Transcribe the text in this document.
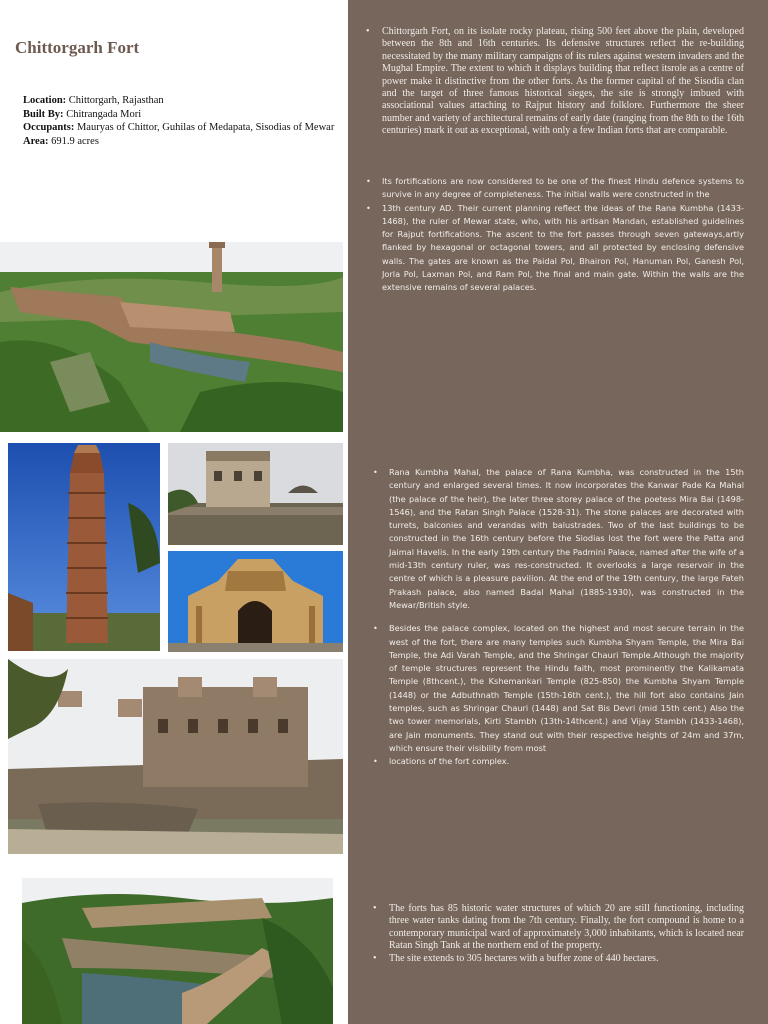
Chittorgarh Fort
Location: Chittorgarh, Rajasthan
Built By: Chitrangada Mori
Occupants: Mauryas of Chittor, Guhilas of Medapata, Sisodias of Mewar
Area: 691.9 acres
• Chittorgarh Fort, on its isolate rocky plateau, rising 500 feet above the plain, developed between the 8th and 16th centuries. Its defensive structures reflect the re-building necessitated by the many military campaigns of its rulers against western invaders and the Mughal Empire. The extent to which it displays building that reflect itsrole as a centre of power make it distinctive from the other forts. As the former capital of the Sisodia clan and the target of three famous historical sieges, the site is strongly imbued with associational values attaching to Rajput history and folklore. Furthermore the sheer number and variety of architectural remains of early date (ranging from the 8th to the 16th centuries) mark it out as exceptional, with only a few Indian forts that are comparable.
• Its fortifications are now considered to be one of the finest Hindu defence systems to survive in any degree of completeness. The initial walls were constructed in the
• 13th century AD. Their current planning reflect the ideas of the Rana Kumbha (1433-1468), the ruler of Mewar state, who, with his artisan Mandan, established guidelines for Rajput fortifications. The ascent to the fort passes through seven gateways,artly flanked by hexagonal or octagonal towers, and all protected by enclosing defensive walls. The gates are known as the Paidal Pol, Bhairon Pol, Hanuman Pol, Ganesh Pol, Jorla Pol, Laxman Pol, and Ram Pol, the final and main gate. Within the walls are the extensive remains of several palaces.
• Rana Kumbha Mahal, the palace of Rana Kumbha, was constructed in the 15th century and enlarged several times. It now incorporates the Kanwar Pade Ka Mahal (the palace of the heir), the later three storey palace of the poetess Mira Bai (1498-1546), and the Ratan Singh Palace (1528-31). The stone palaces are decorated with turrets, balconies and verandas with balustrades. Two of the last buildings to be constructed in the 16th century before the Siodias lost the fort were the Patta and Jaimal Havelis. In the early 19th century the Padmini Palace, named after the wife of a mid-13th century ruler, was res-constructed. It overlooks a large reservoir in the centre of which is a pleasure pavilion. At the end of the 19th century, the large Fateh Prakash palace, also named Badal Mahal (1885-1930), was constructed in the Mewar/British style.
• Besides the palace complex, located on the highest and most secure terrain in the west of the fort, there are many temples such Kumbha Shyam Temple, the Mira Bai Temple, the Adi Varah Temple, and the Shringar Chauri Temple.Although the majority of temple structures represent the Hindu faith, most prominently the Kalikamata Temple (8thcent.), the Kshemankari Temple (825-850) the Kumbha Shyam Temple (1448) or the Adbuthnath Temple (15th-16th cent.), the hill fort also contains Jain temples, such as Shringar Chauri (1448) and Sat Bis Devri (mid 15th cent.) Also the two tower memorials, Kirti Stambh (13th-14thcent.) and Vijay Stambh (1433-1468), are Jain monuments. They stand out with their respective heights of 24m and 37m, which ensure their visibility from most
• locations of the fort complex.
• The forts has 85 historic water structures of which 20 are still functioning, including three water tanks dating from the 7th century. Finally, the fort compound is home to a contemporary municipal ward of approximately 3,000 inhabitants, which is located near Ratan Singh Tank at the northern end of the property.
• The site extends to 305 hectares with a buffer zone of 440 hectares.
